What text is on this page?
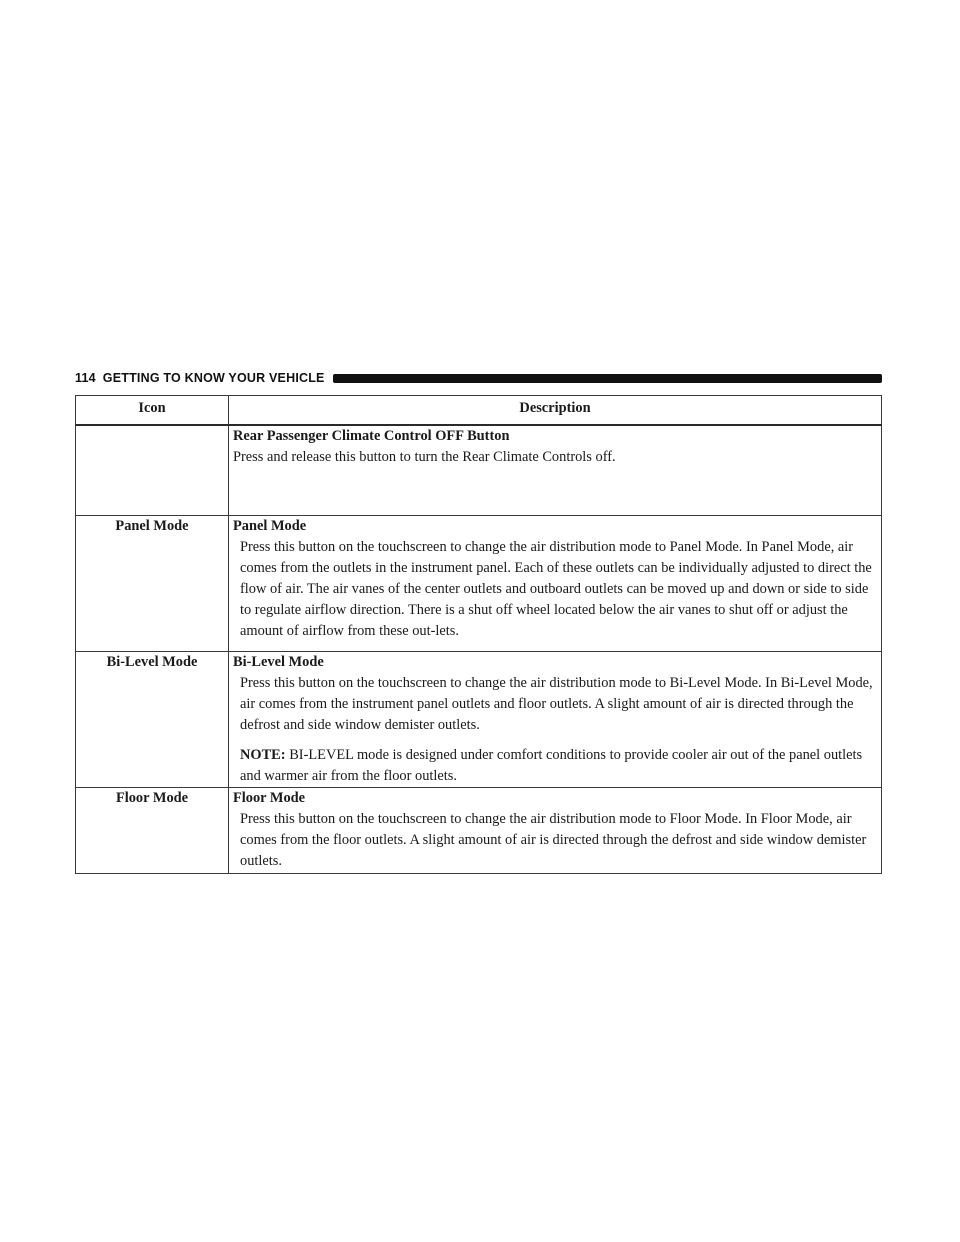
114 GETTING TO KNOW YOUR VEHICLE
Icon	Description

	Rear Passenger Climate Control OFF Button
Press and release this button to turn the Rear Climate Controls off.

Panel Mode	Panel Mode
Press this button on the touchscreen to change the air distribution mode to Panel Mode. In Panel Mode, air comes from the outlets in the instrument panel. Each of these outlets can be individually adjusted to direct the flow of air. The air vanes of the center outlets and outboard outlets can be moved up and down or side to side to regulate airflow direction. There is a shut off wheel located below the air vanes to shut off or adjust the amount of airflow from these out-lets.

Bi-Level Mode	Bi-Level Mode
Press this button on the touchscreen to change the air distribution mode to Bi-Level Mode. In Bi-Level Mode, air comes from the instrument panel outlets and floor outlets. A slight amount of air is directed through the defrost and side window demister outlets.
NOTE: BI-LEVEL mode is designed under comfort conditions to provide cooler air out of the panel outlets and warmer air from the floor outlets.

Floor Mode	Floor Mode
Press this button on the touchscreen to change the air distribution mode to Floor Mode. In Floor Mode, air comes from the floor outlets. A slight amount of air is directed through the defrost and side window demister outlets.
